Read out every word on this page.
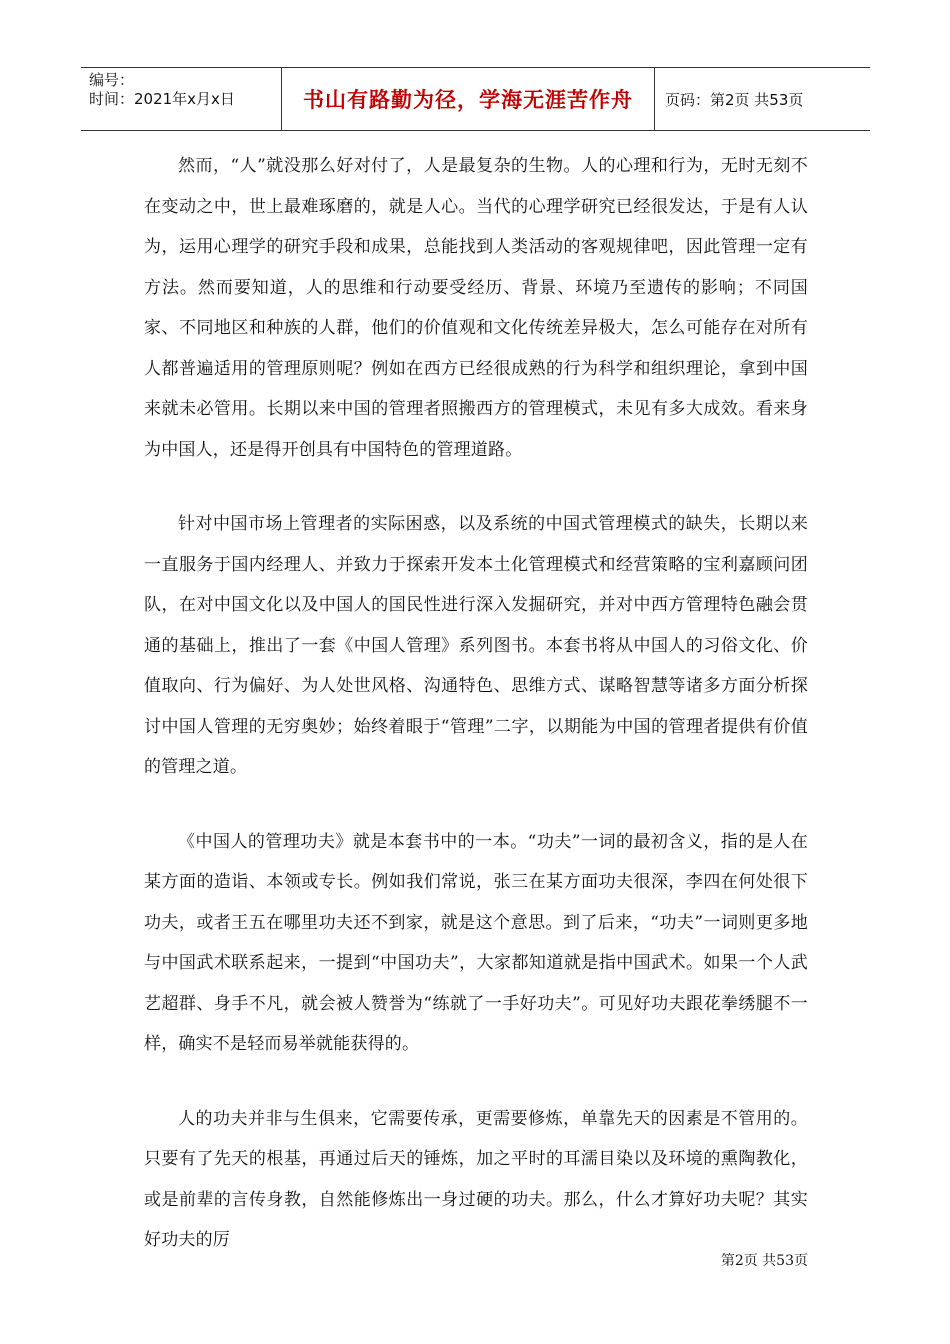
编号：
时间：2021年x月x日	书山有路勤为径，学海无涯苦作舟	页码：第2页 共53页

然而，“人”就没那么好对付了，人是最复杂的生物。人的心理和行为，无时无刻不在变动之中，世上最难琢磨的，就是人心。当代的心理学研究已经很发达，于是有人认为，运用心理学的研究手段和成果，总能找到人类活动的客观规律吧，因此管理一定有方法。然而要知道，人的思维和行动要受经历、背景、环境乃至遗传的影响；不同国家、不同地区和种族的人群，他们的价值观和文化传统差异极大，怎么可能存在对所有人都普遍适用的管理原则呢？例如在西方已经很成熟的行为科学和组织理论，拿到中国来就未必管用。长期以来中国的管理者照搬西方的管理模式，未见有多大成效。看来身为中国人，还是得开创具有中国特色的管理道路。

针对中国市场上管理者的实际困惑，以及系统的中国式管理模式的缺失，长期以来一直服务于国内经理人、并致力于探索开发本土化管理模式和经营策略的宝利嘉顾问团队，在对中国文化以及中国人的国民性进行深入发掘研究，并对中西方管理特色融会贯通的基础上，推出了一套《中国人管理》系列图书。本套书将从中国人的习俗文化、价值取向、行为偏好、为人处世风格、沟通特色、思维方式、谋略智慧等诸多方面分析探讨中国人管理的无穷奥妙；始终着眼于“管理”二字，以期能为中国的管理者提供有价值的管理之道。

《中国人的管理功夫》就是本套书中的一本。“功夫”一词的最初含义，指的是人在某方面的造诣、本领或专长。例如我们常说，张三在某方面功夫很深，李四在何处很下功夫，或者王五在哪里功夫还不到家，就是这个意思。到了后来，“功夫”一词则更多地与中国武术联系起来，一提到“中国功夫”，大家都知道就是指中国武术。如果一个人武艺超群、身手不凡，就会被人赞誉为“练就了一手好功夫”。可见好功夫跟花拳绣腿不一样，确实不是轻而易举就能获得的。

人的功夫并非与生俱来，它需要传承，更需要修炼，单靠先天的因素是不管用的。只要有了先天的根基，再通过后天的锤炼，加之平时的耳濡目染以及环境的熏陶教化，或是前辈的言传身教，自然能修炼出一身过硬的功夫。那么，什么才算好功夫呢？其实好功夫的厉

第2页 共53页
